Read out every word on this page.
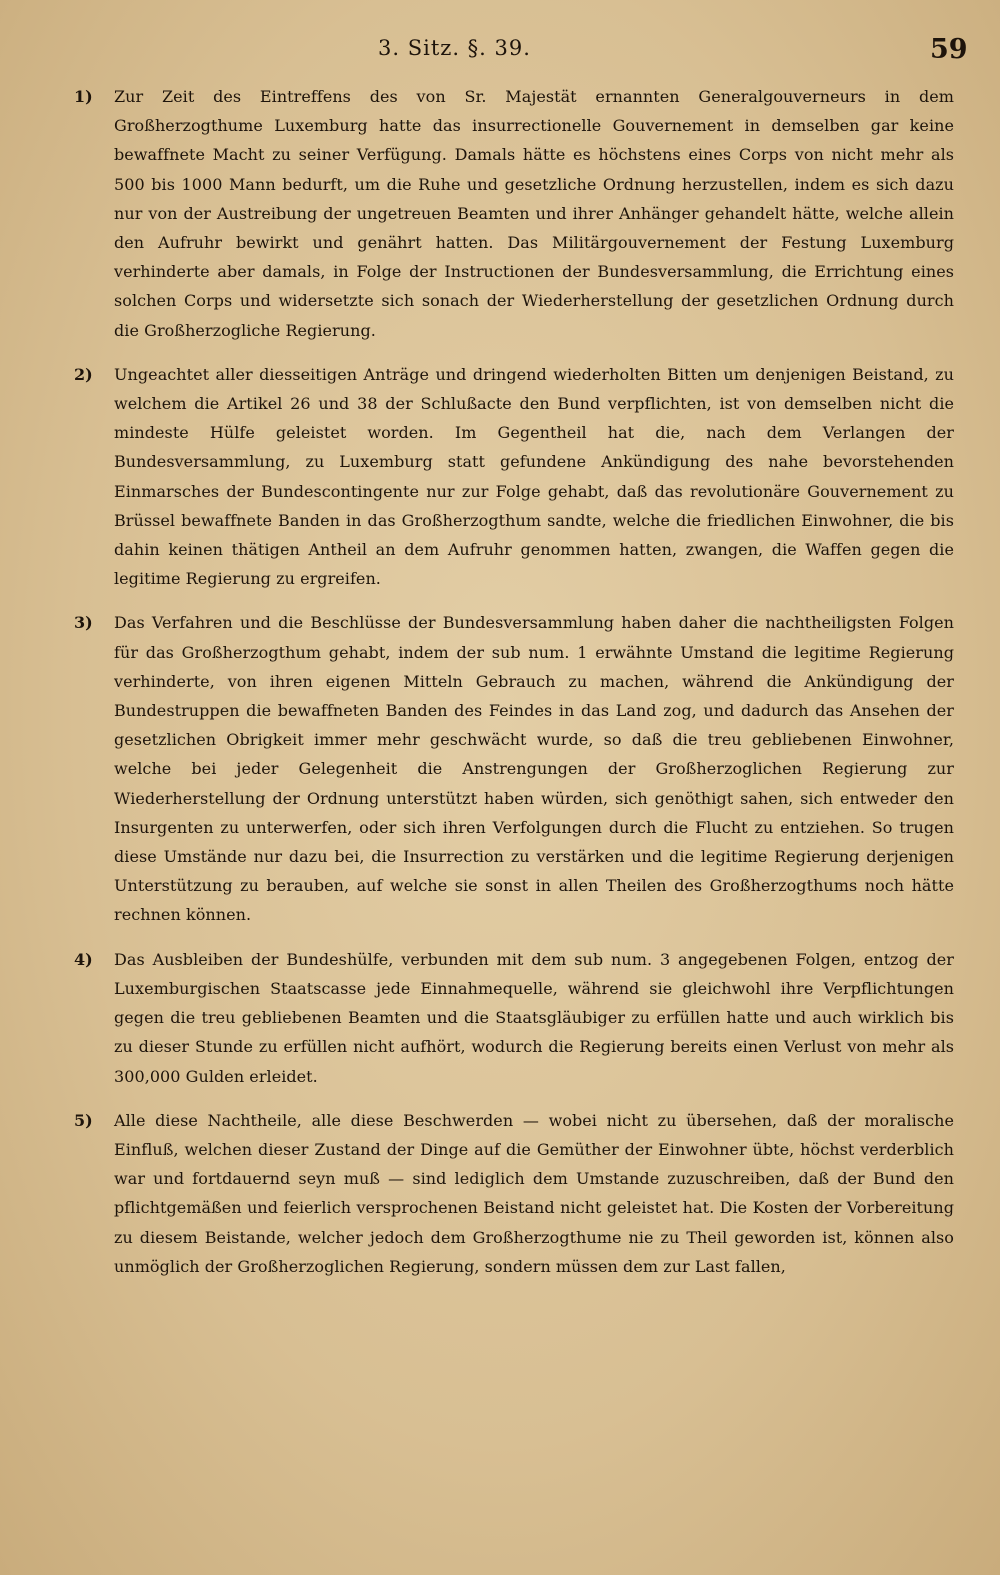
3. Sitz. §. 39.	59
1)	Zur Zeit des Eintreffens des von Sr. Majestät ernannten Generalgouverneurs in dem Großherzogthume Luxemburg hatte das insurrectionelle Gouvernement in demselben gar keine bewaffnete Macht zu seiner Verfügung. Damals hätte es höchstens eines Corps von nicht mehr als 500 bis 1000 Mann bedurft, um die Ruhe und gesetzliche Ordnung herzustellen, indem es sich dazu nur von der Austreibung der ungetreuen Beamten und ihrer Anhänger gehandelt hätte, welche allein den Aufruhr bewirkt und genährt hatten. Das Militärgouvernement der Festung Luxemburg verhinderte aber damals, in Folge der Instructionen der Bundesversammlung, die Errichtung eines solchen Corps und widersetzte sich sonach der Wiederherstellung der gesetzlichen Ordnung durch die Großherzogliche Regierung.

2)	Ungeachtet aller diesseitigen Anträge und dringend wiederholten Bitten um denjenigen Beistand, zu welchem die Artikel 26 und 38 der Schlußacte den Bund verpflichten, ist von demselben nicht die mindeste Hülfe geleistet worden. Im Gegentheil hat die, nach dem Verlangen der Bundesversammlung, zu Luxemburg statt gefundene Ankündigung des nahe bevorstehenden Einmarsches der Bundescontingente nur zur Folge gehabt, daß das revolutionäre Gouvernement zu Brüssel bewaffnete Banden in das Großherzogthum sandte, welche die friedlichen Einwohner, die bis dahin keinen thätigen Antheil an dem Aufruhr genommen hatten, zwangen, die Waffen gegen die legitime Regierung zu ergreifen.

3)	Das Verfahren und die Beschlüsse der Bundesversammlung haben daher die nachtheiligsten Folgen für das Großherzogthum gehabt, indem der sub num. 1 erwähnte Umstand die legitime Regierung verhinderte, von ihren eigenen Mitteln Gebrauch zu machen, während die Ankündigung der Bundestruppen die bewaffneten Banden des Feindes in das Land zog, und dadurch das Ansehen der gesetzlichen Obrigkeit immer mehr geschwächt wurde, so daß die treu gebliebenen Einwohner, welche bei jeder Gelegenheit die Anstrengungen der Großherzoglichen Regierung zur Wiederherstellung der Ordnung unterstützt haben würden, sich genöthigt sahen, sich entweder den Insurgenten zu unterwerfen, oder sich ihren Verfolgungen durch die Flucht zu entziehen. So trugen diese Umstände nur dazu bei, die Insurrection zu verstärken und die legitime Regierung derjenigen Unterstützung zu berauben, auf welche sie sonst in allen Theilen des Großherzogthums noch hätte rechnen können.

4)	Das Ausbleiben der Bundeshülfe, verbunden mit dem sub num. 3 angegebenen Folgen, entzog der Luxemburgischen Staatscasse jede Einnahmequelle, während sie gleichwohl ihre Verpflichtungen gegen die treu gebliebenen Beamten und die Staatsgläubiger zu erfüllen hatte und auch wirklich bis zu dieser Stunde zu erfüllen nicht aufhört, wodurch die Regierung bereits einen Verlust von mehr als 300,000 Gulden erleidet.

5)	Alle diese Nachtheile, alle diese Beschwerden — wobei nicht zu übersehen, daß der moralische Einfluß, welchen dieser Zustand der Dinge auf die Gemüther der Einwohner übte, höchst verderblich war und fortdauernd seyn muß — sind lediglich dem Umstande zuzuschreiben, daß der Bund den pflichtgemäßen und feierlich versprochenen Beistand nicht geleistet hat. Die Kosten der Vorbereitung zu diesem Beistande, welcher jedoch dem Großherzogthume nie zu Theil geworden ist, können also unmöglich der Großherzoglichen Regierung, sondern müssen dem zur Last fallen,
